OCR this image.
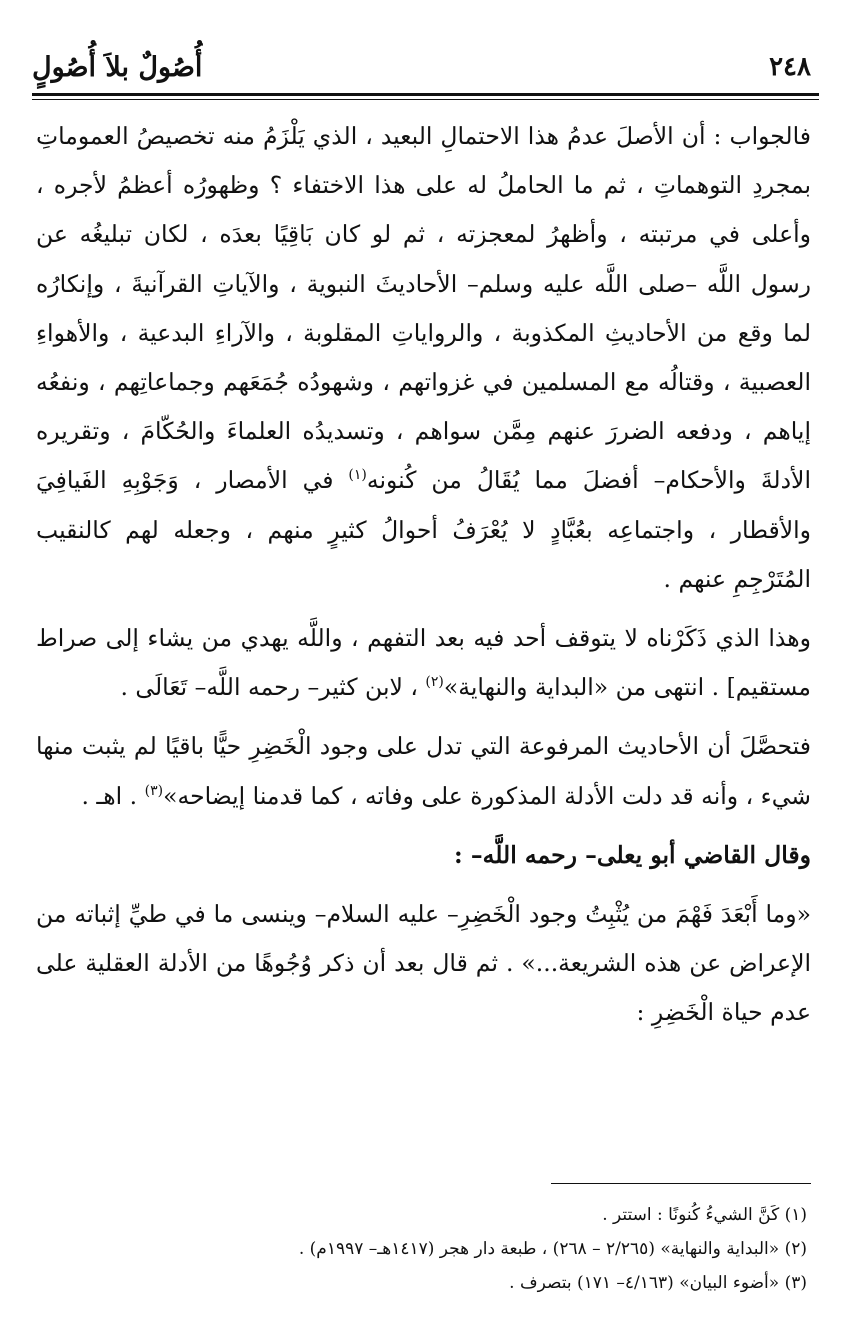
٢٤٨
أُصُولٌ بلاَ أُصُولٍ

فالجواب : أن الأصلَ عدمُ هذا الاحتمالِ البعيد ، الذي يَلْزَمُ منه تخصيصُ العموماتِ بمجردِ التوهماتِ ، ثم ما الحاملُ له على هذا الاختفاء ؟ وظهورُه أعظمُ لأجره ، وأعلى في مرتبته ، وأظهرُ لمعجزته ، ثم لو كان بَاقِيًا بعدَه ، لكان تبليغُه عن رسول اللَّه –صلى اللَّه عليه وسلم– الأحاديثَ النبوية ، والآياتِ القرآنيةَ ، وإنكارُه لما وقع من الأحاديثِ المكذوبة ، والرواياتِ المقلوبة ، والآراءِ البدعية ، والأهواءِ العصبية ، وقتالُه مع المسلمين في غزواتهم ، وشهودُه جُمَعَهم وجماعاتِهم ، ونفعُه إياهم ، ودفعه الضررَ عنهم مِمَّن سواهم ، وتسديدُه العلماءَ والحُكّامَ ، وتقريره الأدلةَ والأحكام– أفضلَ مما يُقَالُ من كُنونه$^{(١)}$ في الأمصار ، وَجَوْبِهِ الفَيافِيَ والأقطار ، واجتماعِه بعُبَّادٍ لا يُعْرَفُ أحوالُ كثيرٍ منهم ، وجعله لهم كالنقيب المُتَرْجِمِ عنهم .

وهذا الذي ذَكَرْناه لا يتوقف أحد فيه بعد التفهم ، واللَّه يهدي من يشاء إلى صراط مستقيم] . انتهى من «البداية والنهاية»$^{(٢)}$ ، لابن كثير– رحمه اللَّه– تَعَالَى .

فتحصَّلَ أن الأحاديث المرفوعة التي تدل على وجود الْخَضِرِ حيًّا باقيًا لم يثبت منها شيء ، وأنه قد دلت الأدلة المذكورة على وفاته ، كما قدمنا إيضاحه»$^{(٣)}$ . اهـ .

وقال القاضي أبو يعلى– رحمه اللَّه– :

«وما أَبْعَدَ فَهْمَ من يُثْبِتُ وجود الْخَضِرِ– عليه السلام– وينسى ما في طيِّ إثباته من الإعراض عن هذه الشريعة...» . ثم قال بعد أن ذكر وُجُوهًا من الأدلة العقلية على عدم حياة الْخَضِرِ :

(١) كَنَّ الشيءُ كُنونًا : استتر .
(٢) «البداية والنهاية» (٢/٢٦٥ – ٢٦٨) ، طبعة دار هجر (١٤١٧هـ– ١٩٩٧م) .
(٣) «أضوء البيان» (٤/١٦٣– ١٧١) بتصرف .
